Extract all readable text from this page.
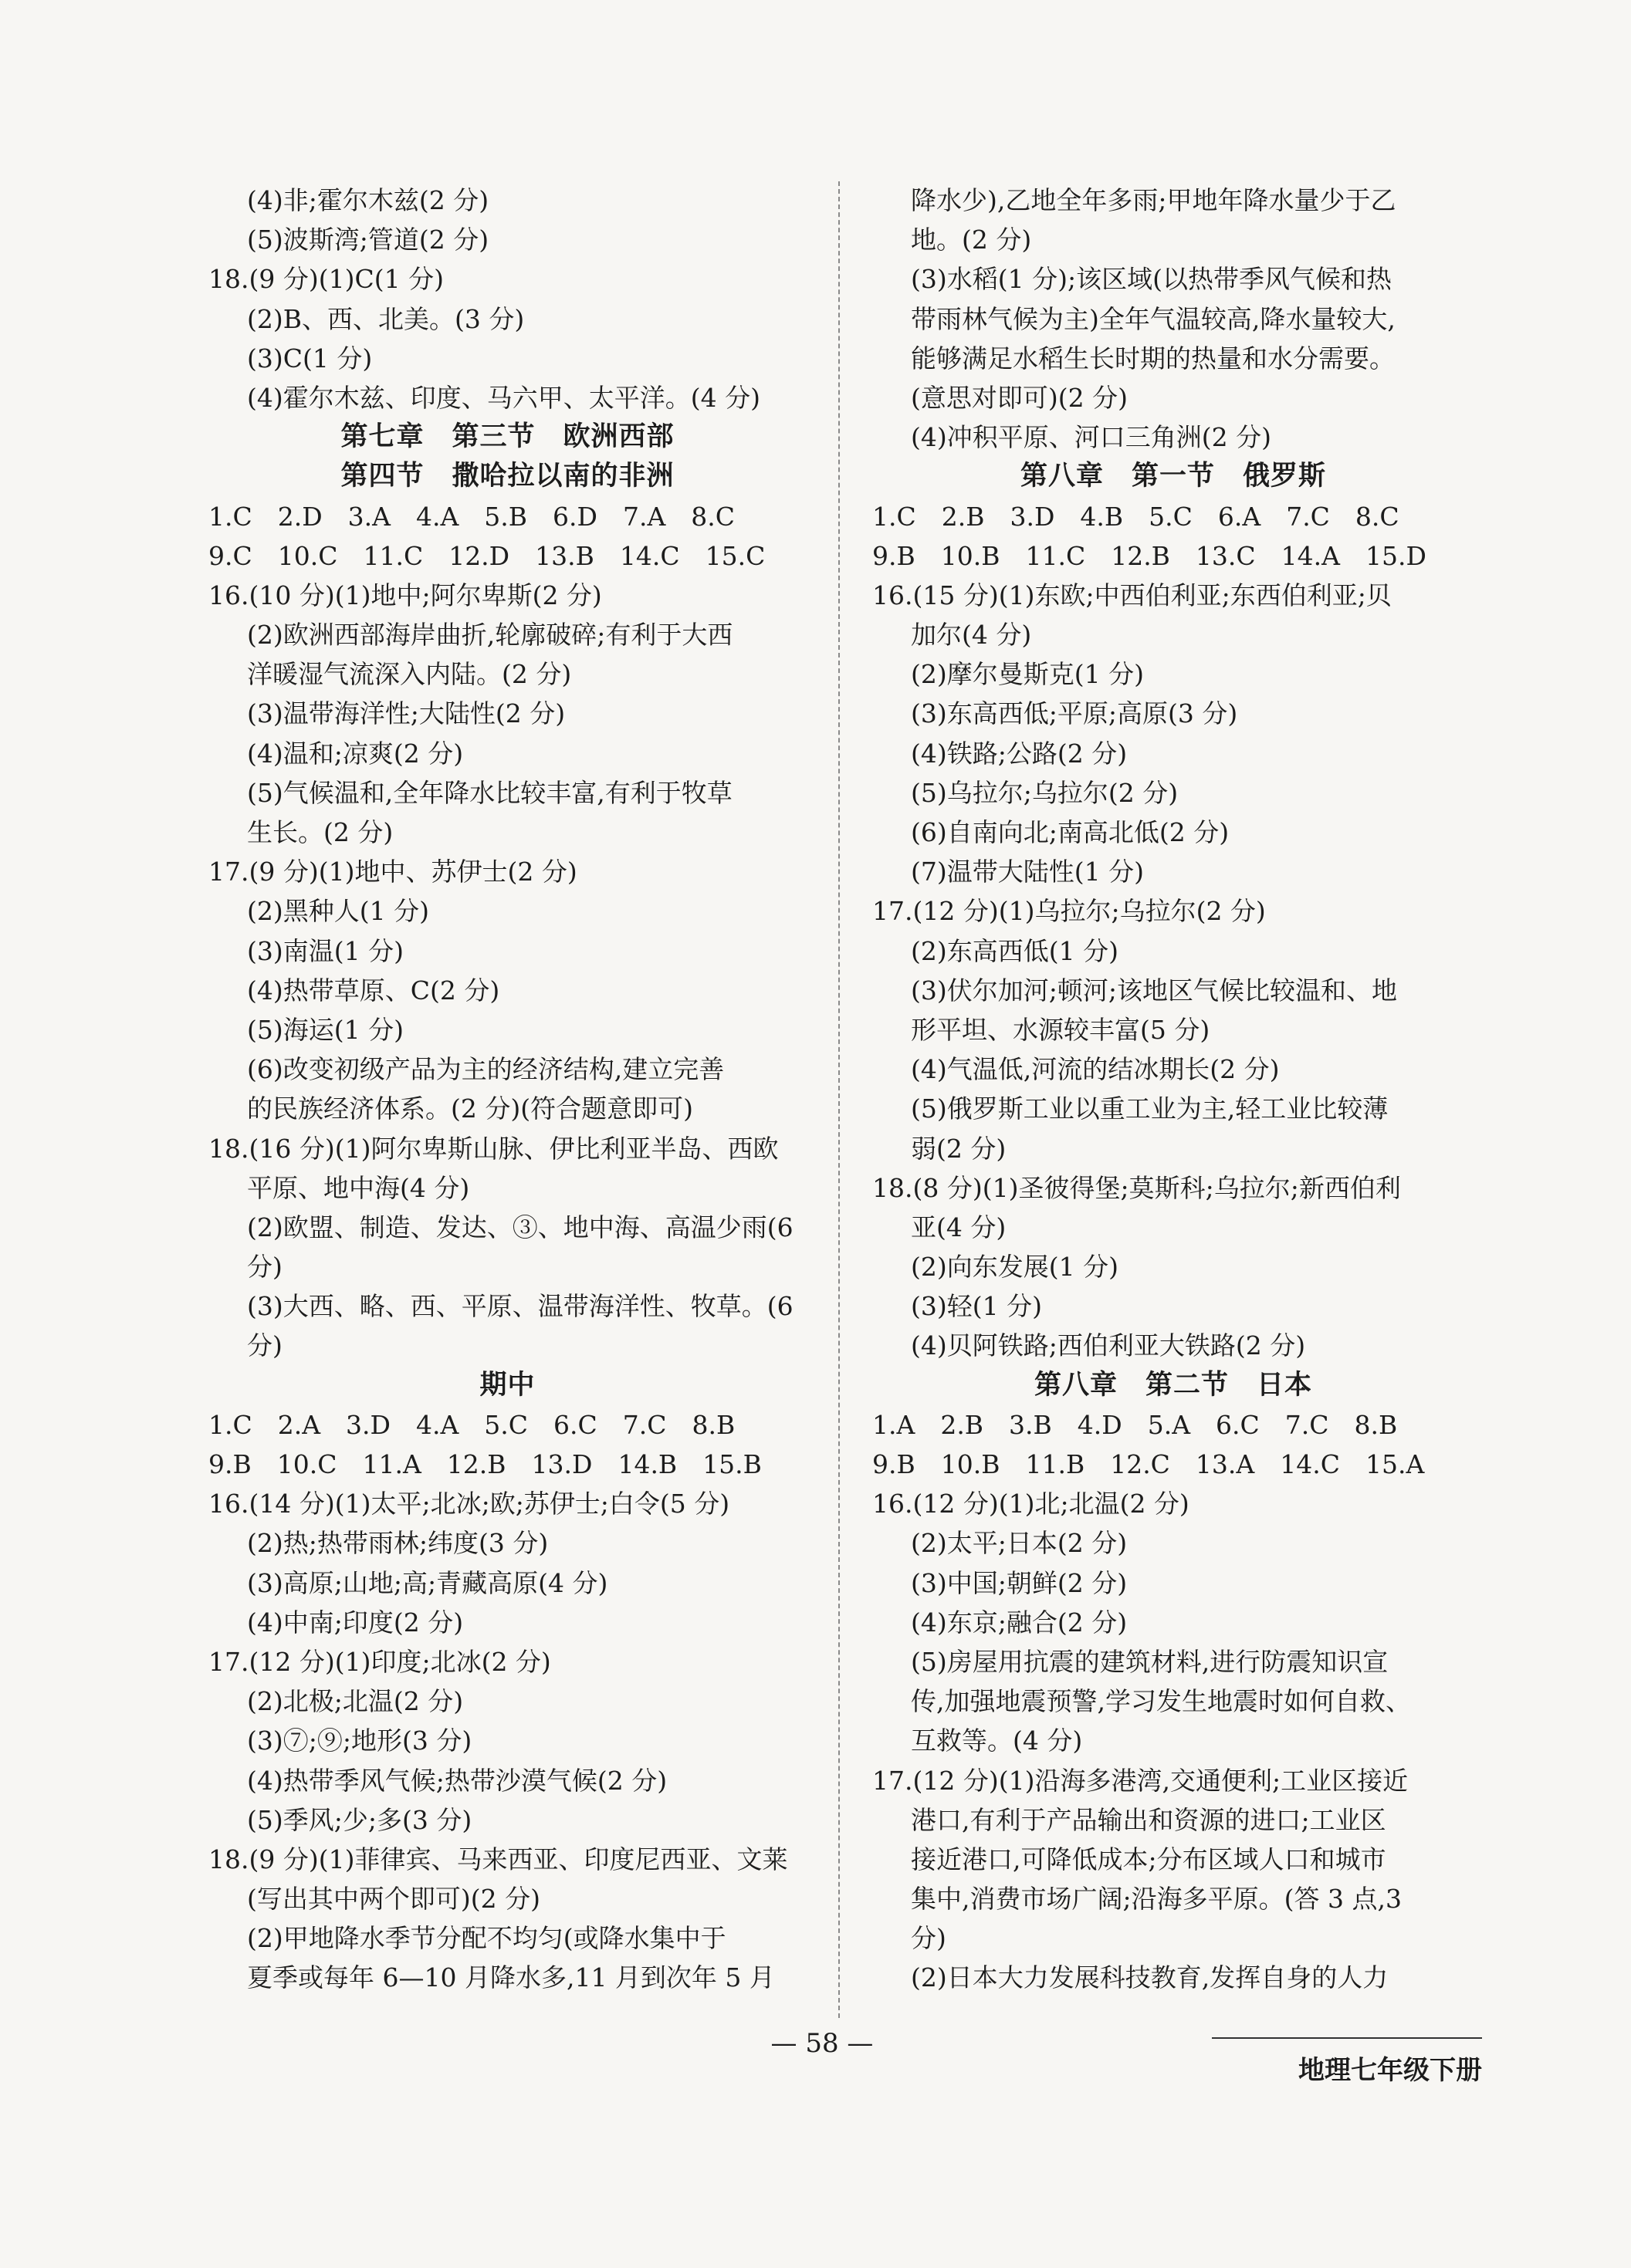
(4)非;霍尔木兹(2 分)
(5)波斯湾;管道(2 分)
18.(9 分)(1)C(1 分)
(2)B、西、北美。(3 分)
(3)C(1 分)
(4)霍尔木兹、印度、马六甲、太平洋。(4 分)
第七章　第三节　欧洲西部
第四节　撒哈拉以南的非洲
1.C　2.D　3.A　4.A　5.B　6.D　7.A　8.C
9.C　10.C　11.C　12.D　13.B　14.C　15.C
16.(10 分)(1)地中;阿尔卑斯(2 分)
(2)欧洲西部海岸曲折,轮廓破碎;有利于大西
洋暖湿气流深入内陆。(2 分)
(3)温带海洋性;大陆性(2 分)
(4)温和;凉爽(2 分)
(5)气候温和,全年降水比较丰富,有利于牧草
生长。(2 分)
17.(9 分)(1)地中、苏伊士(2 分)
(2)黑种人(1 分)
(3)南温(1 分)
(4)热带草原、C(2 分)
(5)海运(1 分)
(6)改变初级产品为主的经济结构,建立完善
的民族经济体系。(2 分)(符合题意即可)
18.(16 分)(1)阿尔卑斯山脉、伊比利亚半岛、西欧
平原、地中海(4 分)
(2)欧盟、制造、发达、③、地中海、高温少雨(6
分)
(3)大西、略、西、平原、温带海洋性、牧草。(6
分)
期中
1.C　2.A　3.D　4.A　5.C　6.C　7.C　8.B
9.B　10.C　11.A　12.B　13.D　14.B　15.B
16.(14 分)(1)太平;北冰;欧;苏伊士;白令(5 分)
(2)热;热带雨林;纬度(3 分)
(3)高原;山地;高;青藏高原(4 分)
(4)中南;印度(2 分)
17.(12 分)(1)印度;北冰(2 分)
(2)北极;北温(2 分)
(3)⑦;⑨;地形(3 分)
(4)热带季风气候;热带沙漠气候(2 分)
(5)季风;少;多(3 分)
18.(9 分)(1)菲律宾、马来西亚、印度尼西亚、文莱
(写出其中两个即可)(2 分)
(2)甲地降水季节分配不均匀(或降水集中于
夏季或每年 6—10 月降水多,11 月到次年 5 月
降水少),乙地全年多雨;甲地年降水量少于乙
地。(2 分)
(3)水稻(1 分);该区域(以热带季风气候和热
带雨林气候为主)全年气温较高,降水量较大,
能够满足水稻生长时期的热量和水分需要。
(意思对即可)(2 分)
(4)冲积平原、河口三角洲(2 分)
第八章　第一节　俄罗斯
1.C　2.B　3.D　4.B　5.C　6.A　7.C　8.C
9.B　10.B　11.C　12.B　13.C　14.A　15.D
16.(15 分)(1)东欧;中西伯利亚;东西伯利亚;贝
加尔(4 分)
(2)摩尔曼斯克(1 分)
(3)东高西低;平原;高原(3 分)
(4)铁路;公路(2 分)
(5)乌拉尔;乌拉尔(2 分)
(6)自南向北;南高北低(2 分)
(7)温带大陆性(1 分)
17.(12 分)(1)乌拉尔;乌拉尔(2 分)
(2)东高西低(1 分)
(3)伏尔加河;顿河;该地区气候比较温和、地
形平坦、水源较丰富(5 分)
(4)气温低,河流的结冰期长(2 分)
(5)俄罗斯工业以重工业为主,轻工业比较薄
弱(2 分)
18.(8 分)(1)圣彼得堡;莫斯科;乌拉尔;新西伯利
亚(4 分)
(2)向东发展(1 分)
(3)轻(1 分)
(4)贝阿铁路;西伯利亚大铁路(2 分)
第八章　第二节　日本
1.A　2.B　3.B　4.D　5.A　6.C　7.C　8.B
9.B　10.B　11.B　12.C　13.A　14.C　15.A
16.(12 分)(1)北;北温(2 分)
(2)太平;日本(2 分)
(3)中国;朝鲜(2 分)
(4)东京;融合(2 分)
(5)房屋用抗震的建筑材料,进行防震知识宣
传,加强地震预警,学习发生地震时如何自救、
互救等。(4 分)
17.(12 分)(1)沿海多港湾,交通便利;工业区接近
港口,有利于产品输出和资源的进口;工业区
接近港口,可降低成本;分布区域人口和城市
集中,消费市场广阔;沿海多平原。(答 3 点,3
分)
(2)日本大力发展科技教育,发挥自身的人力
— 58 —
地理七年级下册
